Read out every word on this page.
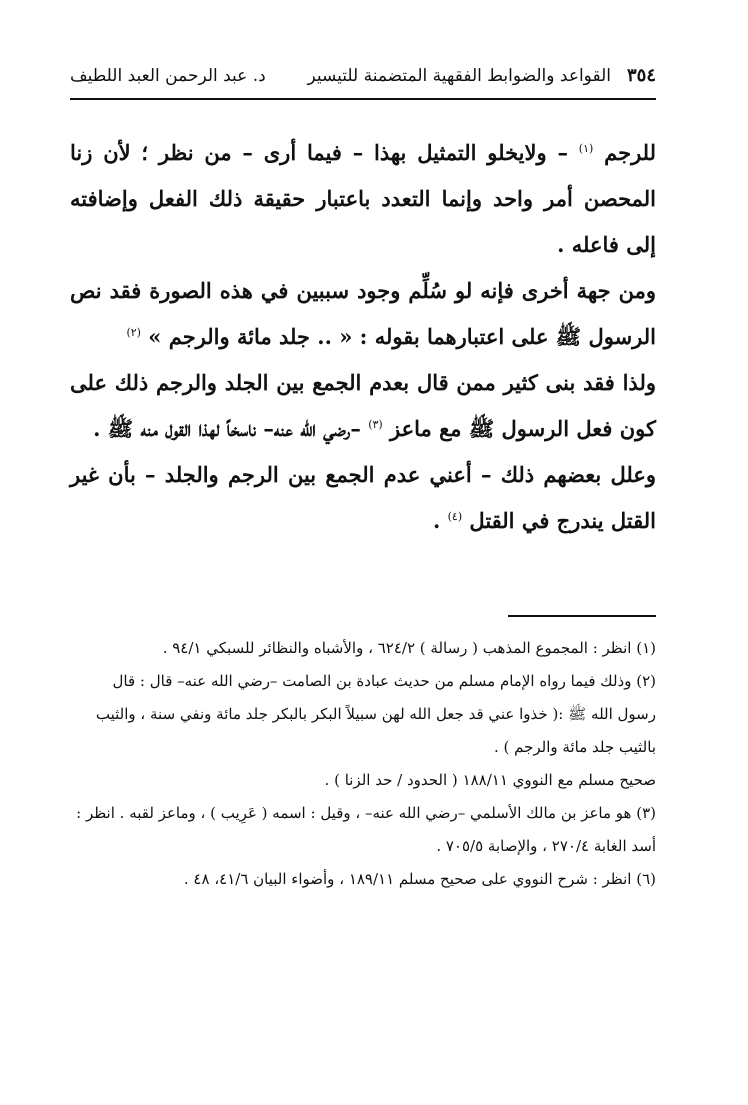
٣٥٤
القواعد والضوابط الفقهية المتضمنة للتيسير
د. عبد الرحمن العبد اللطيف

للرجم $^{(١)}$ – ولايخلو التمثيل بهذا – فيما أرى – من نظر ؛ لأن زنا المحصن أمر واحد وإنما التعدد باعتبار حقيقة ذلك الفعل وإضافته إلى فاعله .

ومن جهة أخرى فإنه لو سُلِّم وجود سببين في هذه الصورة فقد نص الرسول ﷺ على اعتبارهما بقوله : « .. جلد مائة والرجم » $^{(٢)}$

ولذا فقد بنى كثير ممن قال بعدم الجمع بين الجلد والرجم ذلك على كون فعل الرسول ﷺ مع ماعز $^{(٣)}$ –رضي الله عنه– ناسخاً لهذا القول منه ﷺ .

وعلل بعضهم ذلك – أعني عدم الجمع بين الرجم والجلد – بأن غير القتل يندرج في القتل $^{(٤)}$ .

(١) انظر : المجموع المذهب ( رسالة ) ٦٢٤/٢ ، والأشباه والنظائر للسبكي ٩٤/١ .

(٢) وذلك فيما رواه الإمام مسلم من حديث عبادة بن الصامت –رضي الله عنه– قال : قال رسول الله ﷺ :( خذوا عني قد جعل الله لهن سبيلاً البكر بالبكر جلد مائة ونفي سنة ، والثيب بالثيب جلد مائة والرجم ) .

صحيح مسلم مع النووي ١٨٨/١١ ( الحدود / حد الزنا ) .

(٣) هو ماعز بن مالك الأسلمي –رضي الله عنه– ، وقيل : اسمه ( عَرِيب ) ، وماعز لقبه . انظر : أسد الغابة ٢٧٠/٤ ، والإصابة ٧٠٥/٥ .

(٦) انظر : شرح النووي على صحيح مسلم ١٨٩/١١ ، وأضواء البيان ٤١/٦، ٤٨ .
